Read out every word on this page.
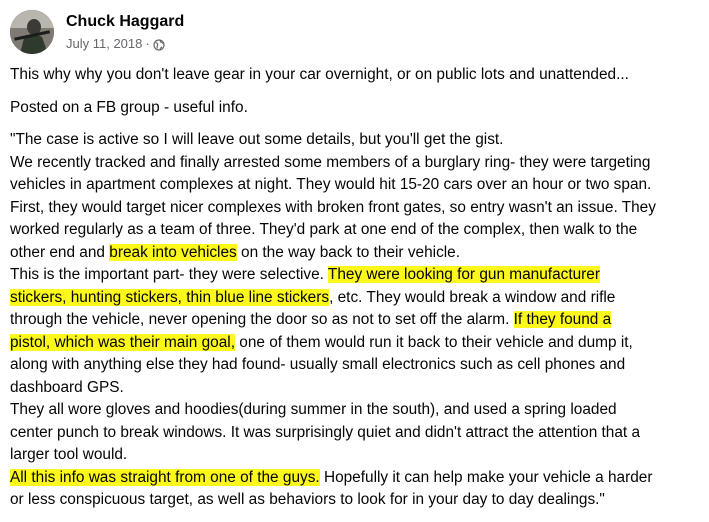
Chuck Haggard
July 11, 2018 ·

This why why you don't leave gear in your car overnight, or on public lots and unattended...

Posted on a FB group - useful info.

"The case is active so I will leave out some details, but you'll get the gist.
We recently tracked and finally arrested some members of a burglary ring- they were targeting
vehicles in apartment complexes at night. They would hit 15-20 cars over an hour or two span.
First, they would target nicer complexes with broken front gates, so entry wasn't an issue. They
worked regularly as a team of three. They'd park at one end of the complex, then walk to the
other end and break into vehicles on the way back to their vehicle.
This is the important part- they were selective. They were looking for gun manufacturer
stickers, hunting stickers, thin blue line stickers, etc. They would break a window and rifle
through the vehicle, never opening the door so as not to set off the alarm. If they found a
pistol, which was their main goal, one of them would run it back to their vehicle and dump it,
along with anything else they had found- usually small electronics such as cell phones and
dashboard GPS.
They all wore gloves and hoodies(during summer in the south), and used a spring loaded
center punch to break windows. It was surprisingly quiet and didn't attract the attention that a
larger tool would.
All this info was straight from one of the guys. Hopefully it can help make your vehicle a harder
or less conspicuous target, as well as behaviors to look for in your day to day dealings."
